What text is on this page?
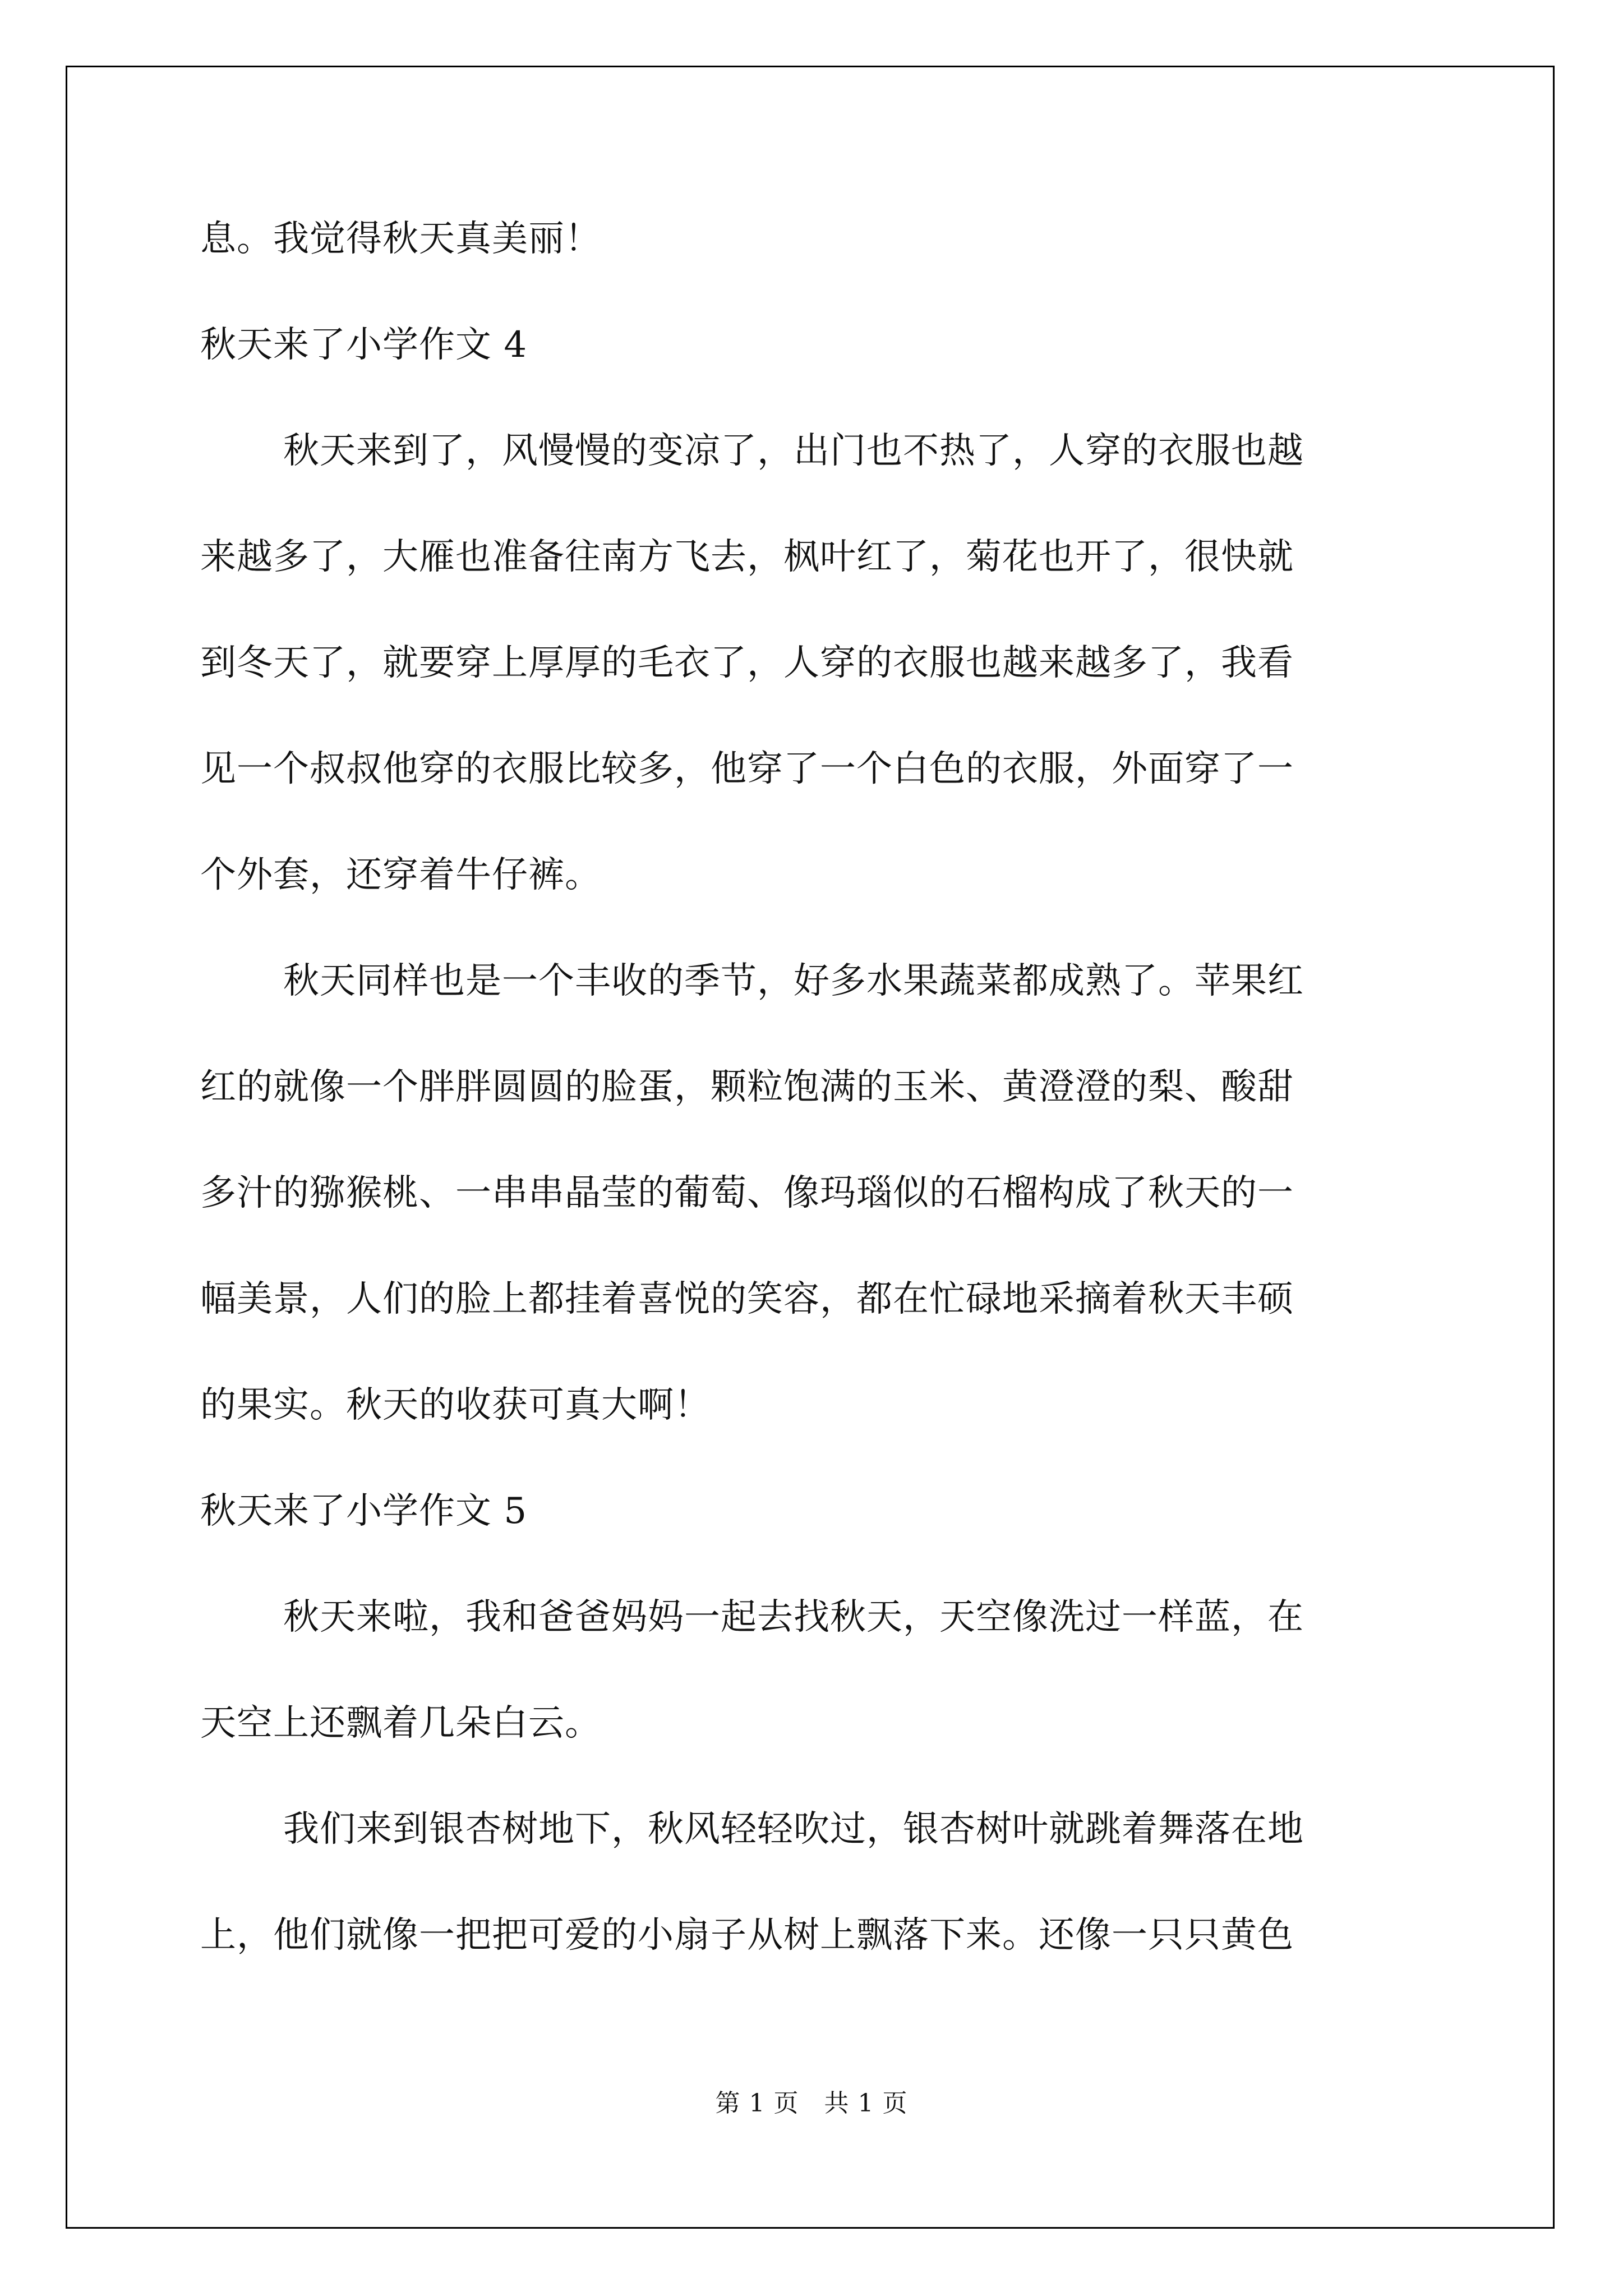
息。我觉得秋天真美丽！
秋天来了小学作文 4
秋天来到了，风慢慢的变凉了，出门也不热了，人穿的衣服也越
来越多了，大雁也准备往南方飞去，枫叶红了，菊花也开了，很快就
到冬天了，就要穿上厚厚的毛衣了，人穿的衣服也越来越多了，我看
见一个叔叔他穿的衣服比较多，他穿了一个白色的衣服，外面穿了一
个外套，还穿着牛仔裤。
秋天同样也是一个丰收的季节，好多水果蔬菜都成熟了。苹果红
红的就像一个胖胖圆圆的脸蛋，颗粒饱满的玉米、黄澄澄的梨、酸甜
多汁的猕猴桃、一串串晶莹的葡萄、像玛瑙似的石榴构成了秋天的一
幅美景，人们的脸上都挂着喜悦的笑容，都在忙碌地采摘着秋天丰硕
的果实。秋天的收获可真大啊！
秋天来了小学作文 5
秋天来啦，我和爸爸妈妈一起去找秋天，天空像洗过一样蓝，在
天空上还飘着几朵白云。
我们来到银杏树地下，秋风轻轻吹过，银杏树叶就跳着舞落在地
上，他们就像一把把可爱的小扇子从树上飘落下来。还像一只只黄色
第 1 页　共 1 页
